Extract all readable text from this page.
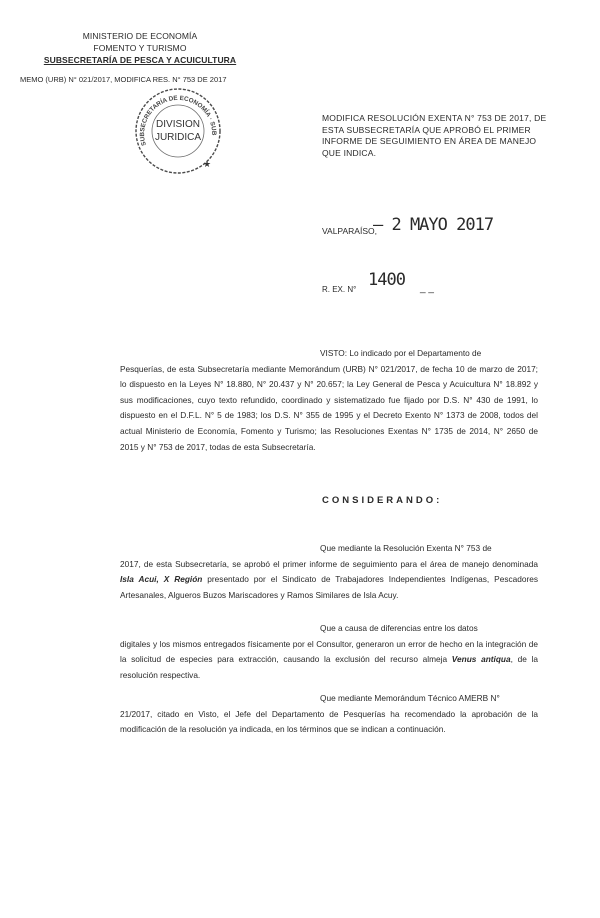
MINISTERIO DE ECONOMÍA
FOMENTO Y TURISMO
SUBSECRETARÍA DE PESCA Y ACUICULTURA
MEMO (URB) N° 021/2017, MODIFICA RES. N° 753 DE 2017
SUBSECRETARÍA DE ECONOMÍA · SUB
DIVISION
JURIDICA
★
MODIFICA RESOLUCIÓN EXENTA N° 753 DE 2017, DE ESTA SUBSECRETARÍA QUE APROBÓ EL PRIMER INFORME DE SEGUIMIENTO EN ÁREA DE MANEJO QUE INDICA.
VALPARAÍSO,
– 2 MAYO 2017
R. EX. N° 1400 _ _
VISTO: Lo indicado por el Departamento de
Pesquerías, de esta Subsecretaría mediante Memorándum (URB) N° 021/2017, de fecha 10 de marzo de 2017; lo dispuesto en la Leyes N° 18.880, N° 20.437 y N° 20.657; la Ley General de Pesca y Acuicultura N° 18.892 y sus modificaciones, cuyo texto refundido, coordinado y sistematizado fue fijado por D.S. N° 430 de 1991, lo dispuesto en el D.F.L. N° 5 de 1983; los D.S. N° 355 de 1995 y el Decreto Exento N° 1373 de 2008, todos del actual Ministerio de Economía, Fomento y Turismo; las Resoluciones Exentas N° 1735 de 2014, N° 2650 de 2015 y N° 753 de 2017, todas de esta Subsecretaría.
CONSIDERANDO:
Que mediante la Resolución Exenta N° 753 de
2017, de esta Subsecretaría, se aprobó el primer informe de seguimiento para el área de manejo denominada Isla Acui, X Región presentado por el Sindicato de Trabajadores Independientes Indígenas, Pescadores Artesanales, Algueros Buzos Mariscadores y Ramos Similares de Isla Acuy.
Que a causa de diferencias entre los datos
digitales y los mismos entregados físicamente por el Consultor, generaron un error de hecho en la integración de la solicitud de especies para extracción, causando la exclusión del recurso almeja Venus antiqua, de la resolución respectiva.
Que mediante Memorándum Técnico AMERB N°
21/2017, citado en Visto, el Jefe del Departamento de Pesquerías ha recomendado la aprobación de la modificación de la resolución ya indicada, en los términos que se indican a continuación.
